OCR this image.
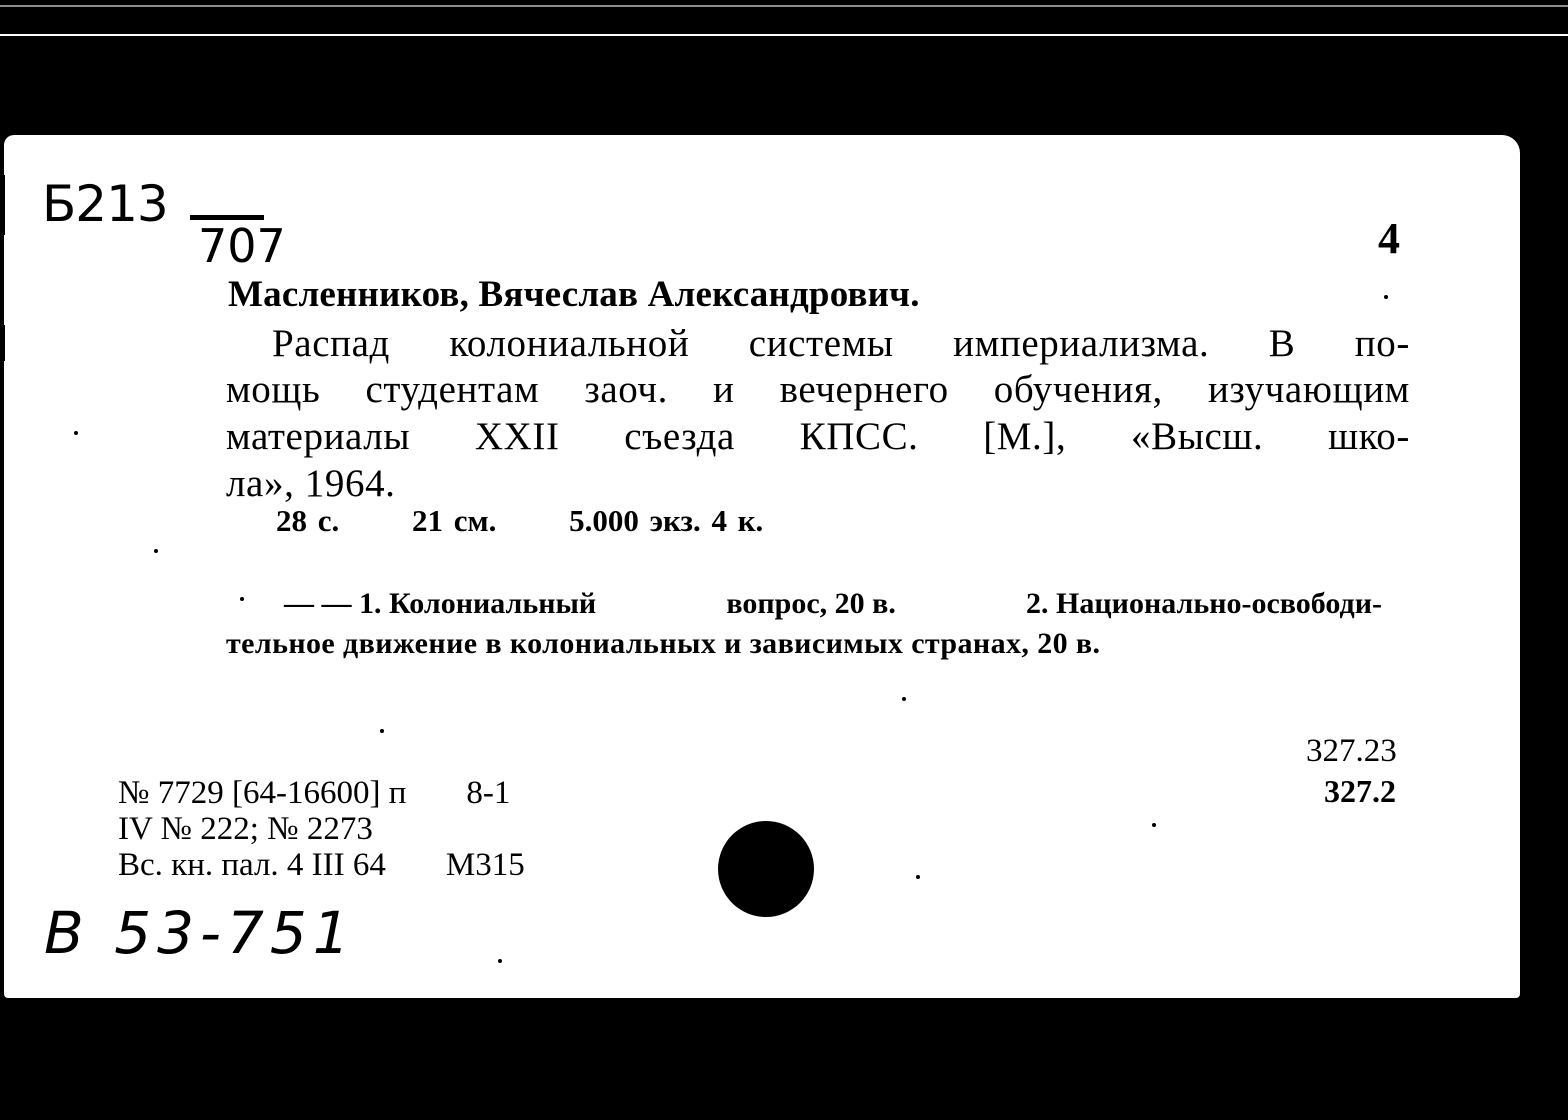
Б213
707	4
Масленников, Вячеслав Александрович.
Распад колониальной системы империализма. В по-
мощь студентам заоч. и вечернего обучения, изучающим
материалы XXII съезда КПСС. [М.], «Высш. шко-
ла», 1964.
28 с. 21 см. 5.000 экз. 4 к.
— — 1. Колониальный	вопрос, 20 в.	2. Национально-освободи-
тельное движение в колониальных и зависимых странах, 20 в.
327.23
327.2
№ 7729 [64-16600] п 8-1
IV № 222; № 2273
Вс. кн. пал. 4 III 64 М315
В 53-751
